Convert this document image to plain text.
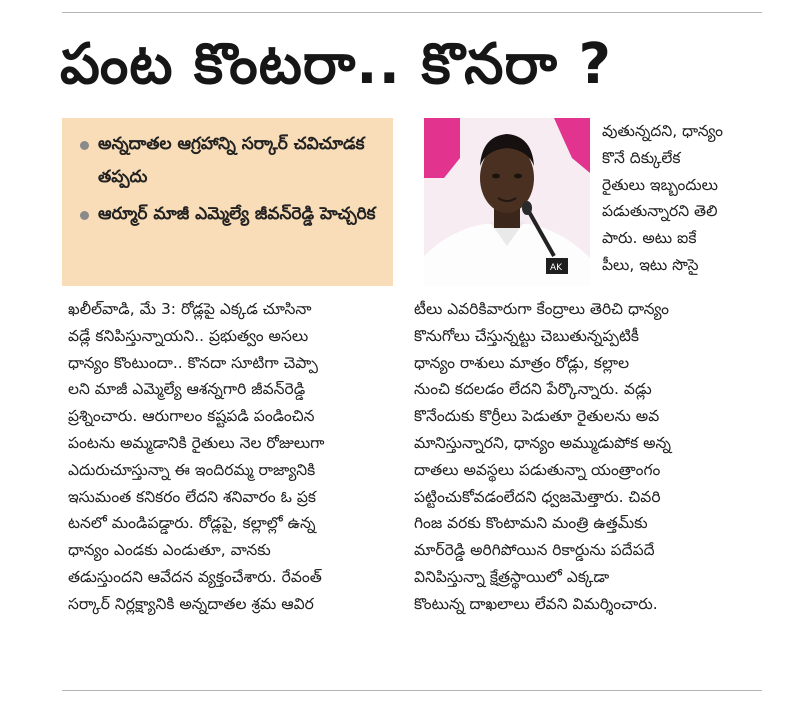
పంట కొంటరా.. కొనరా ?
అన్నదాతల ఆగ్రహాన్ని సర్కార్ చవిచూడక తప్పదు
ఆర్మూర్ మాజీ ఎమ్మెల్యే జీవన్‌రెడ్డి హెచ్చరిక
AK
వుతున్నదని, ధాన్యం
కొనే దిక్కులేక
రైతులు ఇబ్బందులు
పడుతున్నారని తెలి
పారు. అటు ఐకే
పీలు, ఇటు సొసై
ఖలీల్‌వాడి, మే 3: రోడ్లపై ఎక్కడ చూసినా
వడ్లే కనిపిస్తున్నాయని.. ప్రభుత్వం అసలు
ధాన్యం కొంటుందా.. కొనదా సూటిగా చెప్పా
లని మాజీ ఎమ్మెల్యే ఆశన్నగారి జీవన్‌రెడ్డి
ప్రశ్నించారు. ఆరుగాలం కష్టపడి పండించిన
పంటను అమ్మడానికి రైతులు నెల రోజులుగా
ఎదురుచూస్తున్నా ఈ ఇందిరమ్మ రాజ్యానికి
ఇసుమంత కనికరం లేదని శనివారం ఓ ప్రక
టనలో మండిపడ్డారు. రోడ్లపై, కల్లాల్లో ఉన్న
ధాన్యం ఎండకు ఎండుతూ, వానకు
తడుస్తుందని ఆవేదన వ్యక్తంచేశారు. రేవంత్
సర్కార్ నిర్లక్ష్యానికి అన్నదాతల శ్రమ ఆవిర
టీలు ఎవరికివారుగా కేంద్రాలు తెరిచి ధాన్యం
కొనుగోలు చేస్తున్నట్టు చెబుతున్నప్పటికీ
ధాన్యం రాశులు మాత్రం రోడ్లు, కల్లాల
నుంచి కదలడం లేదని పేర్కొన్నారు. వడ్లు
కొనేందుకు కొర్రీలు పెడుతూ రైతులను అవ
మానిస్తున్నారని, ధాన్యం అమ్ముడుపోక అన్న
దాతలు అవస్థలు పడుతున్నా యంత్రాంగం
పట్టించుకోవడంలేదని ధ్వజమెత్తారు. చివరి
గింజ వరకు కొంటామని మంత్రి ఉత్తమ్‌కు
మార్‌రెడ్డి అరిగిపోయిన రికార్డును పదేపదే
వినిపిస్తున్నా క్షేత్రస్థాయిలో ఎక్కడా
కొంటున్న దాఖలాలు లేవని విమర్శించారు.
